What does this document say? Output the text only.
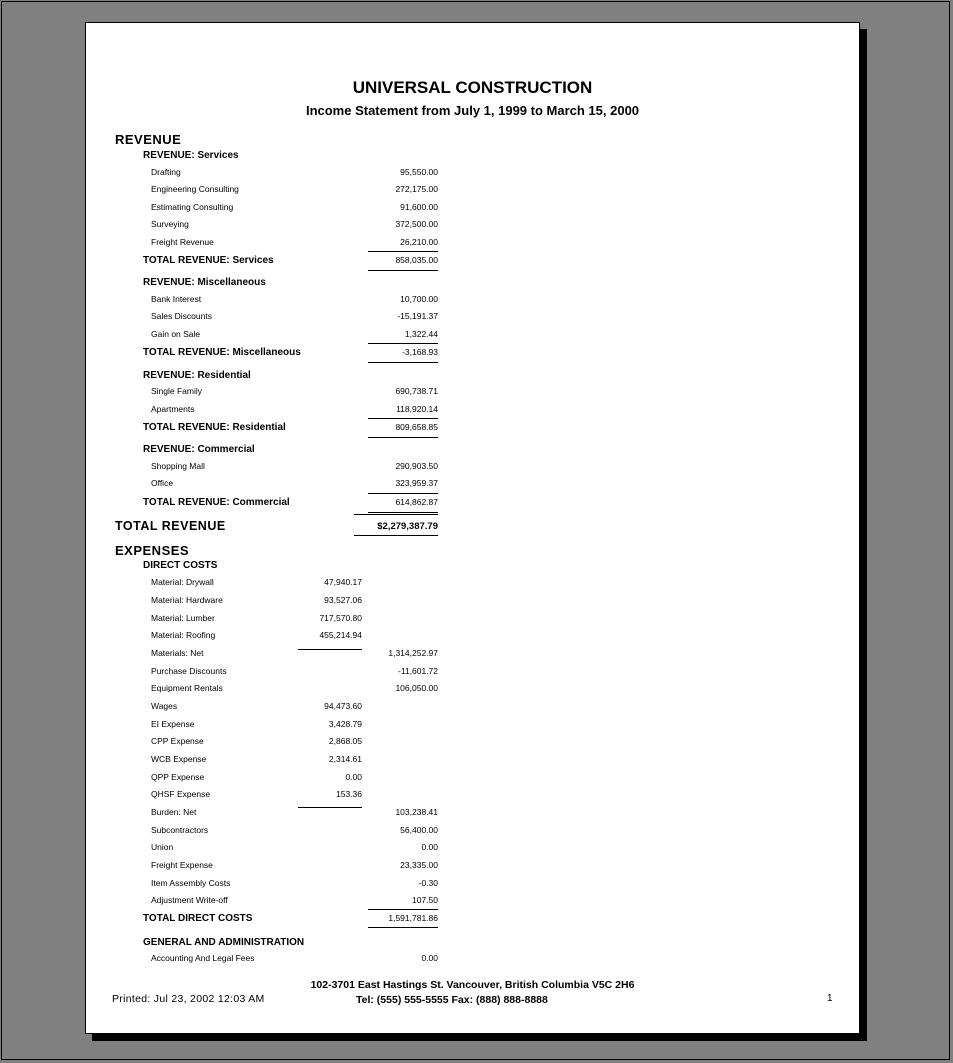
UNIVERSAL CONSTRUCTION
Income Statement from July 1, 1999 to March 15, 2000
102-3701 East Hastings St. Vancouver, British Columbia V5C 2H6
Printed: Jul 23, 2002 12:03 AM	Tel: (555) 555-5555 Fax: (888) 888-8888	1
REVENUE
REVENUE: Services
Drafting	95,550.00
Engineering Consulting	272,175.00
Estimating Consulting	91,600.00
Surveying	372,500.00
Freight Revenue	26,210.00
TOTAL REVENUE: Services	858,035.00
REVENUE: Miscellaneous
Bank Interest	10,700.00
Sales Discounts	-15,191.37
Gain on Sale	1,322.44
TOTAL REVENUE: Miscellaneous	-3,168.93
REVENUE: Residential
Single Family	690,738.71
Apartments	118,920.14
TOTAL REVENUE: Residential	809,658.85
REVENUE: Commercial
Shopping Mall	290,903.50
Office	323,959.37
TOTAL REVENUE: Commercial	614,862.87
TOTAL REVENUE	$2,279,387.79
EXPENSES
DIRECT COSTS
Material: Drywall	47,940.17
Material: Hardware	93,527.06
Material: Lumber	717,570.80
Material: Roofing	455,214.94
Materials: Net	1,314,252.97
Purchase Discounts	-11,601.72
Equipment Rentals	106,050.00
Wages	94,473.60
EI Expense	3,428.79
CPP Expense	2,868.05
WCB Expense	2,314.61
QPP Expense	0.00
QHSF Expense	153.36
Burden: Net	103,238.41
Subcontractors	56,400.00
Union	0.00
Freight Expense	23,335.00
Item Assembly Costs	-0.30
Adjustment Write-off	107.50
TOTAL DIRECT COSTS	1,591,781.86
GENERAL AND ADMINISTRATION
Accounting And Legal Fees	0.00
